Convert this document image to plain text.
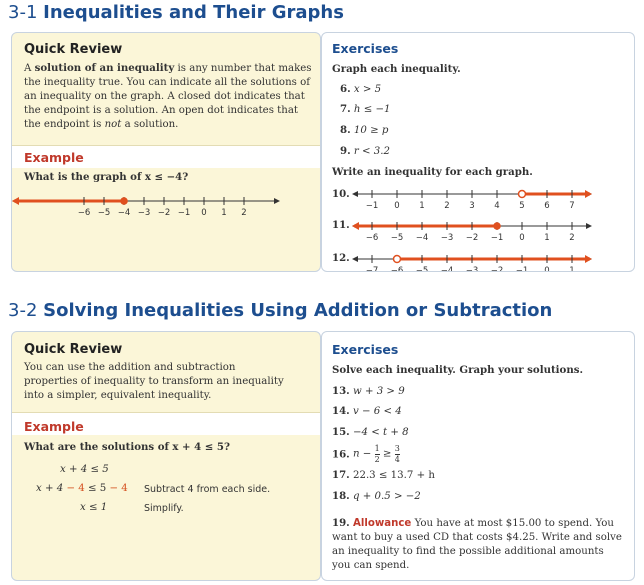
3-1 Inequalities and Their Graphs
Quick Review
A solution of an inequality is any number that makes the inequality true. You can indicate all the solutions of an inequality on the graph. A closed dot indicates that the endpoint is a solution. An open dot indicates that the endpoint is not a solution.
Example
What is the graph of x ≤ −4?
−6 −5 −4 −3 −2 −1 0 1 2
Exercises
Graph each inequality.
6. x > 5
7. h ≤ −1
8. 10 ≥ p
9. r < 3.2
Write an inequality for each graph.
10.
11.
12.
−1 0 1 2 3 4 5 6 7
−6 −5 −4 −3 −2 −1 0 1 2
−7 −6 −5 −4 −3 −2 −1 0 1
3-2 Solving Inequalities Using Addition or Subtraction
Quick Review
You can use the addition and subtraction properties of inequality to transform an inequality into a simpler, equivalent inequality.
Example
What are the solutions of x + 4 ≤ 5?
x + 4 ≤ 5
x + 4 − 4 ≤ 5 − 4 Subtract 4 from each side.
x ≤ 1	Simplify.
Exercises
Solve each inequality. Graph your solutions.
13. w + 3 > 9
14. v − 6 < 4
15. −4 < t + 8
16. $n - \frac{1}{2} \ge \frac{3}{4}$
17. 22.3 ≤ 13.7 + h
18. q + 0.5 > −2
19. Allowance You have at most $15.00 to spend. You want to buy a used CD that costs $4.25. Write and solve an inequality to find the possible additional amounts you can spend.
